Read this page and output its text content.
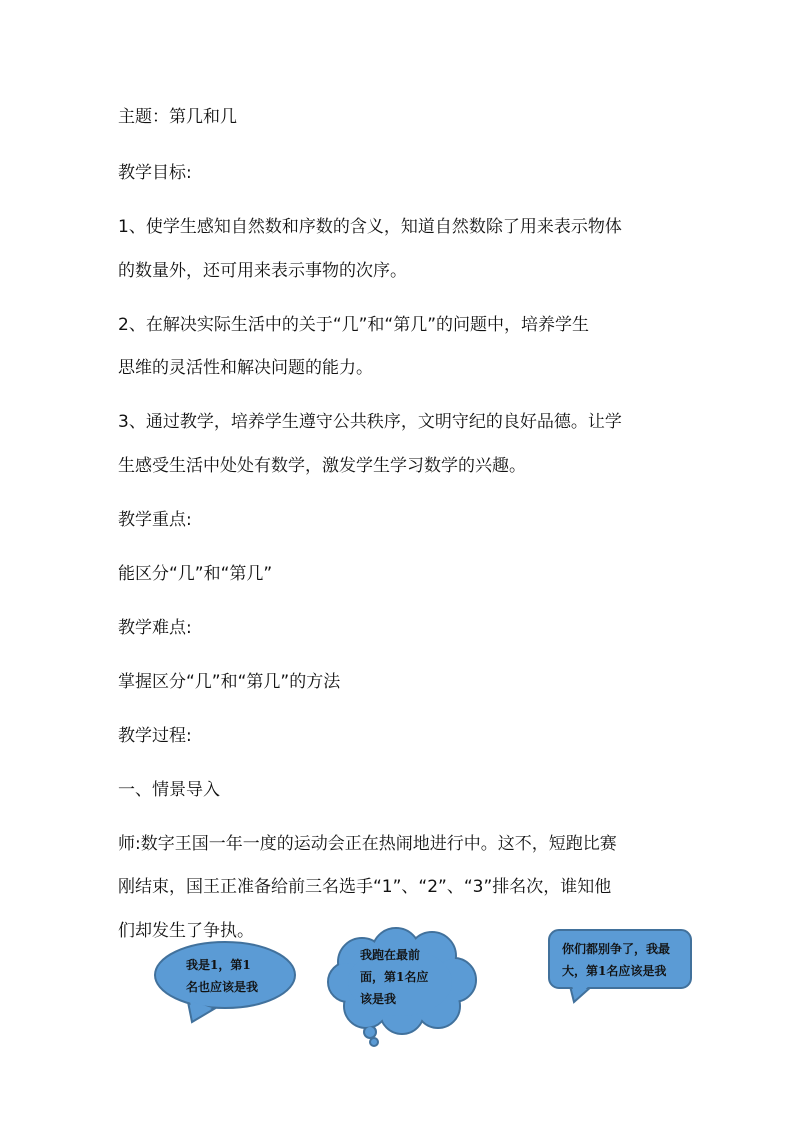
主题：第几和几

教学目标:

1、使学生感知自然数和序数的含义，知道自然数除了用来表示物体

的数量外，还可用来表示事物的次序。

2、在解决实际生活中的关于“几”和“第几”的问题中，培养学生

思维的灵活性和解决问题的能力。

3、通过教学，培养学生遵守公共秩序，文明守纪的良好品德。让学

生感受生活中处处有数学，激发学生学习数学的兴趣。

教学重点:

能区分“几”和“第几”

教学难点:

掌握区分“几”和“第几”的方法

教学过程:

一、情景导入

师:数字王国一年一度的运动会正在热闹地进行中。这不，短跑比赛

刚结束，国王正准备给前三名选手“1”、“2”、“3”排名次，谁知他

们却发生了争执。

我是1，第1
名也应该是我
我跑在最前
面，第1名应
该是我
你们都别争了，我最
大，第1名应该是我
